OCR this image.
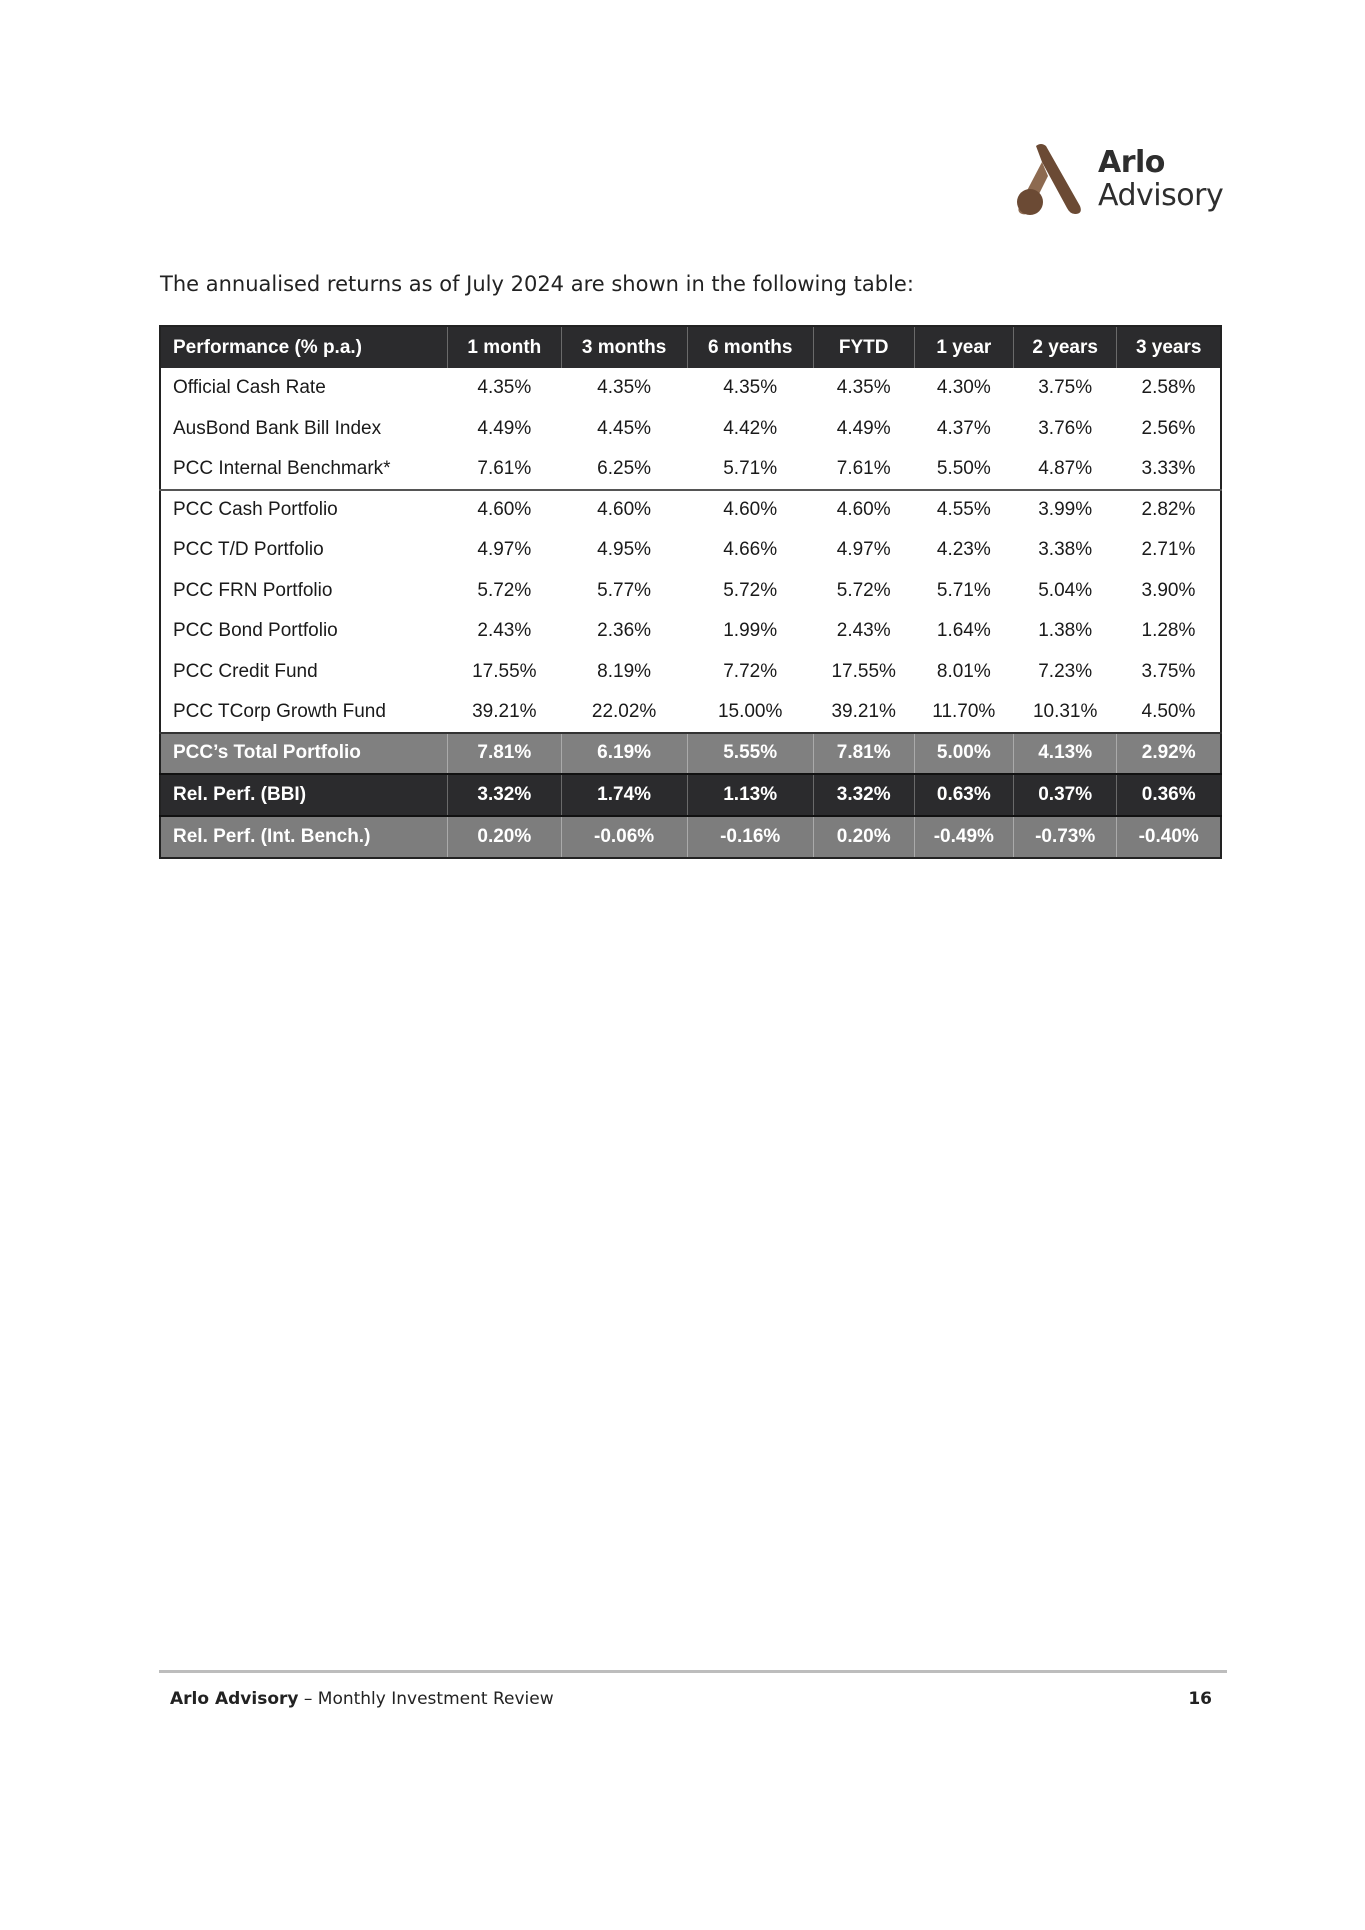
Arlo
Advisory
The annualised returns as of July 2024 are shown in the following table:
Performance (% p.a.)	1 month	3 months	6 months	FYTD	1 year	2 years	3 years
Official Cash Rate	4.35%	4.35%	4.35%	4.35%	4.30%	3.75%	2.58%
AusBond Bank Bill Index	4.49%	4.45%	4.42%	4.49%	4.37%	3.76%	2.56%
PCC Internal Benchmark*	7.61%	6.25%	5.71%	7.61%	5.50%	4.87%	3.33%
PCC Cash Portfolio	4.60%	4.60%	4.60%	4.60%	4.55%	3.99%	2.82%
PCC T/D Portfolio	4.97%	4.95%	4.66%	4.97%	4.23%	3.38%	2.71%
PCC FRN Portfolio	5.72%	5.77%	5.72%	5.72%	5.71%	5.04%	3.90%
PCC Bond Portfolio	2.43%	2.36%	1.99%	2.43%	1.64%	1.38%	1.28%
PCC Credit Fund	17.55%	8.19%	7.72%	17.55%	8.01%	7.23%	3.75%
PCC TCorp Growth Fund	39.21%	22.02%	15.00%	39.21%	11.70%	10.31%	4.50%
PCC’s Total Portfolio	7.81%	6.19%	5.55%	7.81%	5.00%	4.13%	2.92%
Rel. Perf. (BBI)	3.32%	1.74%	1.13%	3.32%	0.63%	0.37%	0.36%
Rel. Perf. (Int. Bench.)	0.20%	-0.06%	-0.16%	0.20%	-0.49%	-0.73%	-0.40%
Arlo Advisory – Monthly Investment Review	16
